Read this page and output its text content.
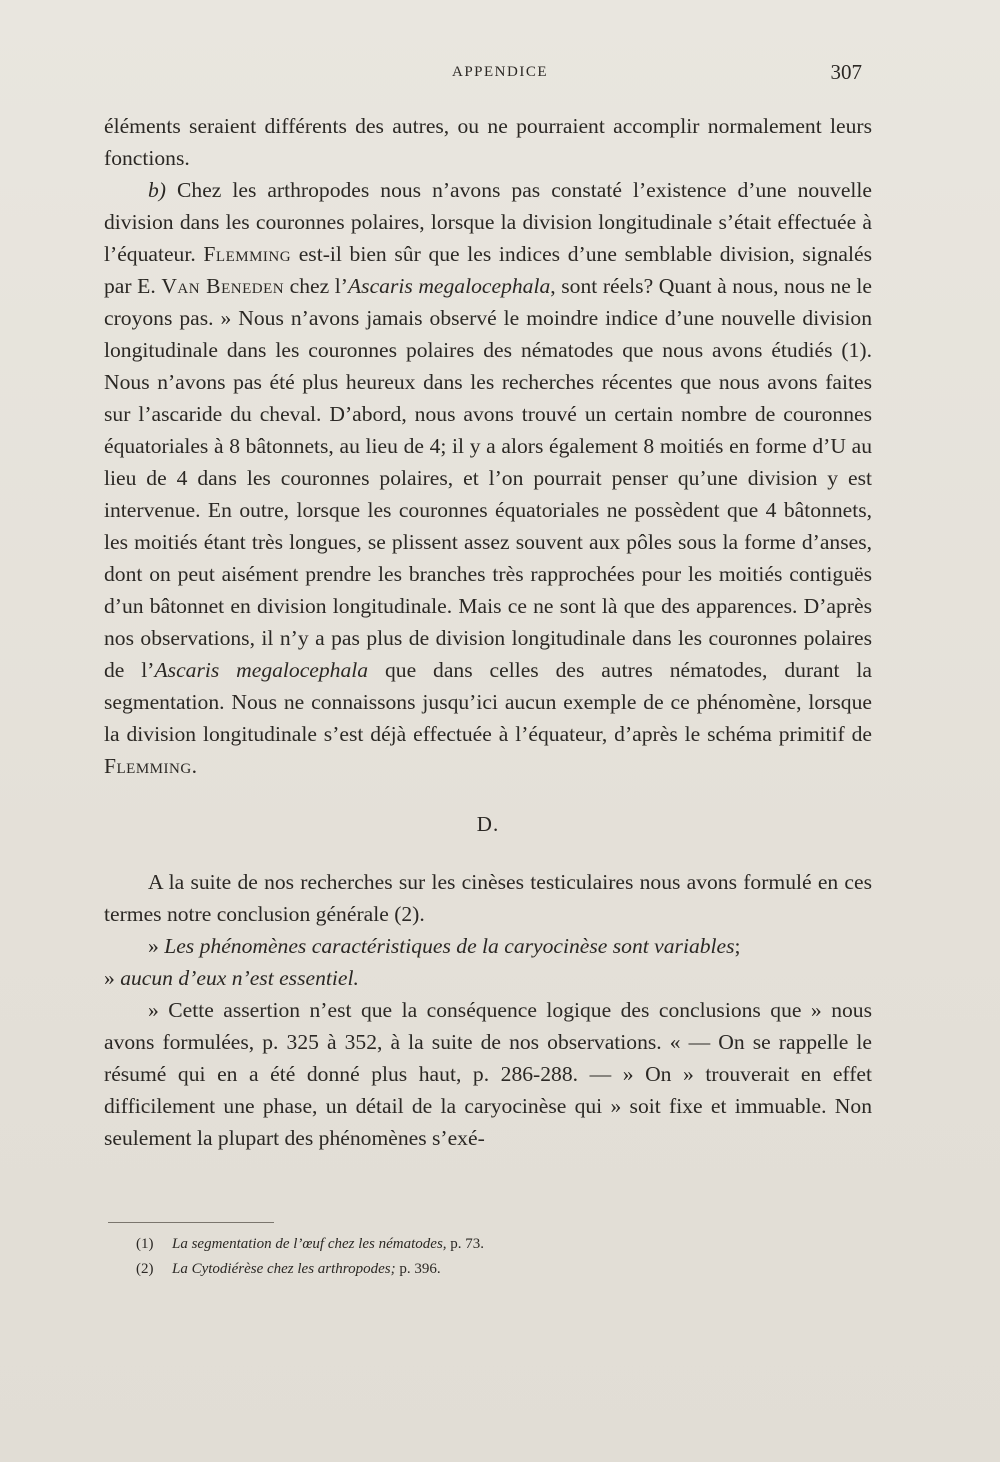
APPENDICE	307

éléments seraient différents des autres, ou ne pourraient accomplir normalement leurs fonctions.

b) Chez les arthropodes nous n’avons pas constaté l’existence d’une nouvelle division dans les couronnes polaires, lorsque la division longitudinale s’était effectuée à l’équateur. Flemming est-il bien sûr que les indices d’une semblable division, signalés par E. Van Beneden chez l’Ascaris megalocephala, sont réels? Quant à nous, nous ne le croyons pas. » Nous n’avons jamais observé le moindre indice d’une nouvelle division longitudinale dans les couronnes polaires des nématodes que nous avons étudiés (1). Nous n’avons pas été plus heureux dans les recherches récentes que nous avons faites sur l’ascaride du cheval. D’abord, nous avons trouvé un certain nombre de couronnes équatoriales à 8 bâtonnets, au lieu de 4; il y a alors également 8 moitiés en forme d’U au lieu de 4 dans les couronnes polaires, et l’on pourrait penser qu’une division y est intervenue. En outre, lorsque les couronnes équatoriales ne possèdent que 4 bâtonnets, les moitiés étant très longues, se plissent assez souvent aux pôles sous la forme d’anses, dont on peut aisément prendre les branches très rapprochées pour les moitiés contiguës d’un bâtonnet en division longitudinale. Mais ce ne sont là que des apparences. D’après nos observations, il n’y a pas plus de division longitudinale dans les couronnes polaires de l’Ascaris megalocephala que dans celles des autres nématodes, durant la segmentation. Nous ne connaissons jusqu’ici aucun exemple de ce phénomène, lorsque la division longitudinale s’est déjà effectuée à l’équateur, d’après le schéma primitif de Flemming.

D.

A la suite de nos recherches sur les cinèses testiculaires nous avons formulé en ces termes notre conclusion générale (2).

» Les phénomènes caractéristiques de la caryocinèse sont variables;
» aucun d’eux n’est essentiel.

» Cette assertion n’est que la conséquence logique des conclusions que » nous avons formulées, p. 325 à 352, à la suite de nos observations. « — On se rappelle le résumé qui en a été donné plus haut, p. 286-288. — » On » trouverait en effet difficilement une phase, un détail de la caryocinèse qui » soit fixe et immuable. Non seulement la plupart des phénomènes s’exé-

(1) La segmentation de l’œuf chez les nématodes, p. 73.
(2) La Cytodiérèse chez les arthropodes; p. 396.
